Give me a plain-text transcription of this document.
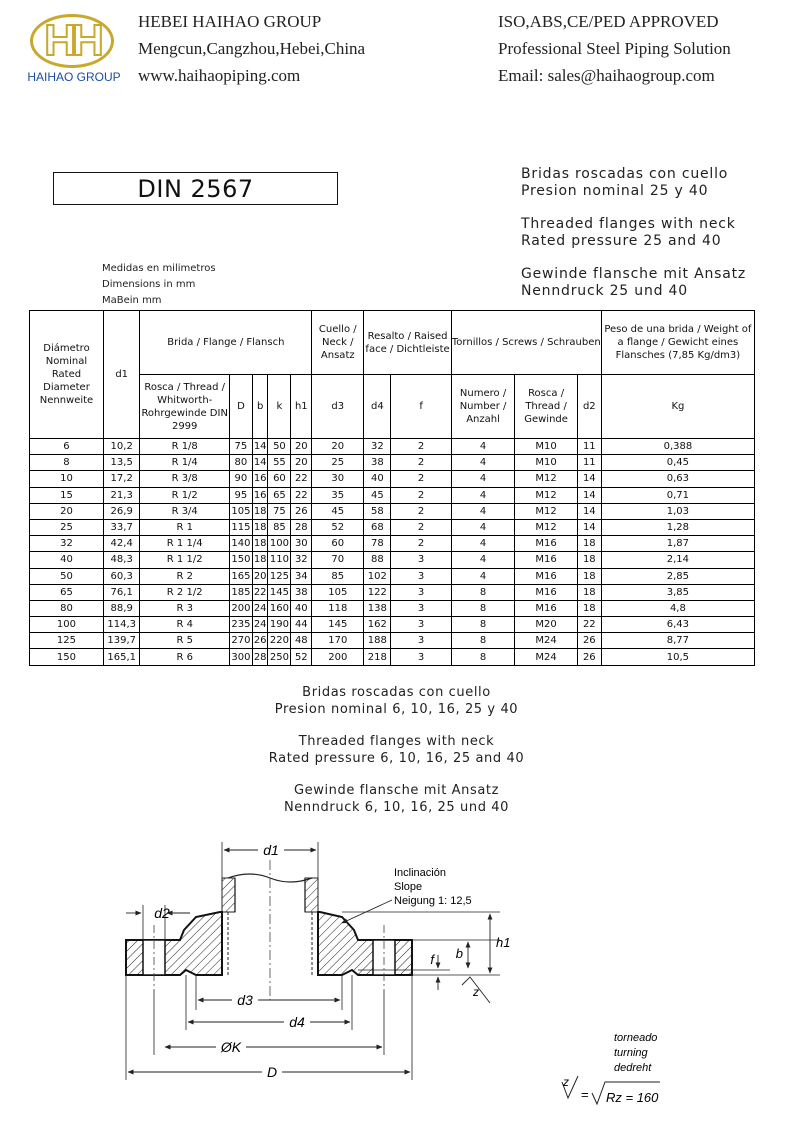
HH
HAIHAO GROUP
HEBEI HAIHAO GROUP
Mengcun,Cangzhou,Hebei,China
www.haihaopiping.com
ISO,ABS,CE/PED APPROVED
Professional Steel Piping Solution
Email: sales@haihaogroup.com
DIN 2567
Bridas roscadas con cuello
Presion nominal 25 y 40
Threaded flanges with neck
Rated pressure 25 and 40
Gewinde flansche mit Ansatz
Nenndruck 25 und 40
Medidas en milimetros
Dimensions in mm
MaBein mm
Diámetro Nominal Rated Diameter Nennweite	d1	Brida / Flange / Flansch					Cuello / Neck / Ansatz	Resalto / Raised face / Dichtleiste		Tornillos / Screws / Schrauben			Peso de una brida / Weight of a flange / Gewicht eines Flansches (7,85 Kg/dm3)
		Rosca / Thread / Whitworth-Rohrgewinde DIN 2999	D	b	k	h1	d3	d4	f	Numero / Number / Anzahl	Rosca / Thread / Gewinde	d2	Kg
6	10,2	R 1/8	75	14	50	20	20	32	2	4	M10	11	0,388
8	13,5	R 1/4	80	14	55	20	25	38	2	4	M10	11	0,45
10	17,2	R 3/8	90	16	60	22	30	40	2	4	M12	14	0,63
15	21,3	R 1/2	95	16	65	22	35	45	2	4	M12	14	0,71
20	26,9	R 3/4	105	18	75	26	45	58	2	4	M12	14	1,03
25	33,7	R 1	115	18	85	28	52	68	2	4	M12	14	1,28
32	42,4	R 1 1/4	140	18	100	30	60	78	2	4	M16	18	1,87
40	48,3	R 1 1/2	150	18	110	32	70	88	3	4	M16	18	2,14
50	60,3	R 2	165	20	125	34	85	102	3	4	M16	18	2,85
65	76,1	R 2 1/2	185	22	145	38	105	122	3	8	M16	18	3,85
80	88,9	R 3	200	24	160	40	118	138	3	8	M16	18	4,8
100	114,3	R 4	235	24	190	44	145	162	3	8	M20	22	6,43
125	139,7	R 5	270	26	220	48	170	188	3	8	M24	26	8,77
150	165,1	R 6	300	28	250	52	200	218	3	8	M24	26	10,5
Bridas roscadas con cuello
Presion nominal 6, 10, 16, 25 y 40
Threaded flanges with neck
Rated pressure 6, 10, 16, 25 and 40
Gewinde flansche mit Ansatz
Nenndruck 6, 10, 16, 25 und 40
d1
d2
Inclinación
Slope
Neigung 1: 12,5
b
h1
f
z
d3
d4
ØK
D
torneado
turning
dedreht
z
= Rz = 160
